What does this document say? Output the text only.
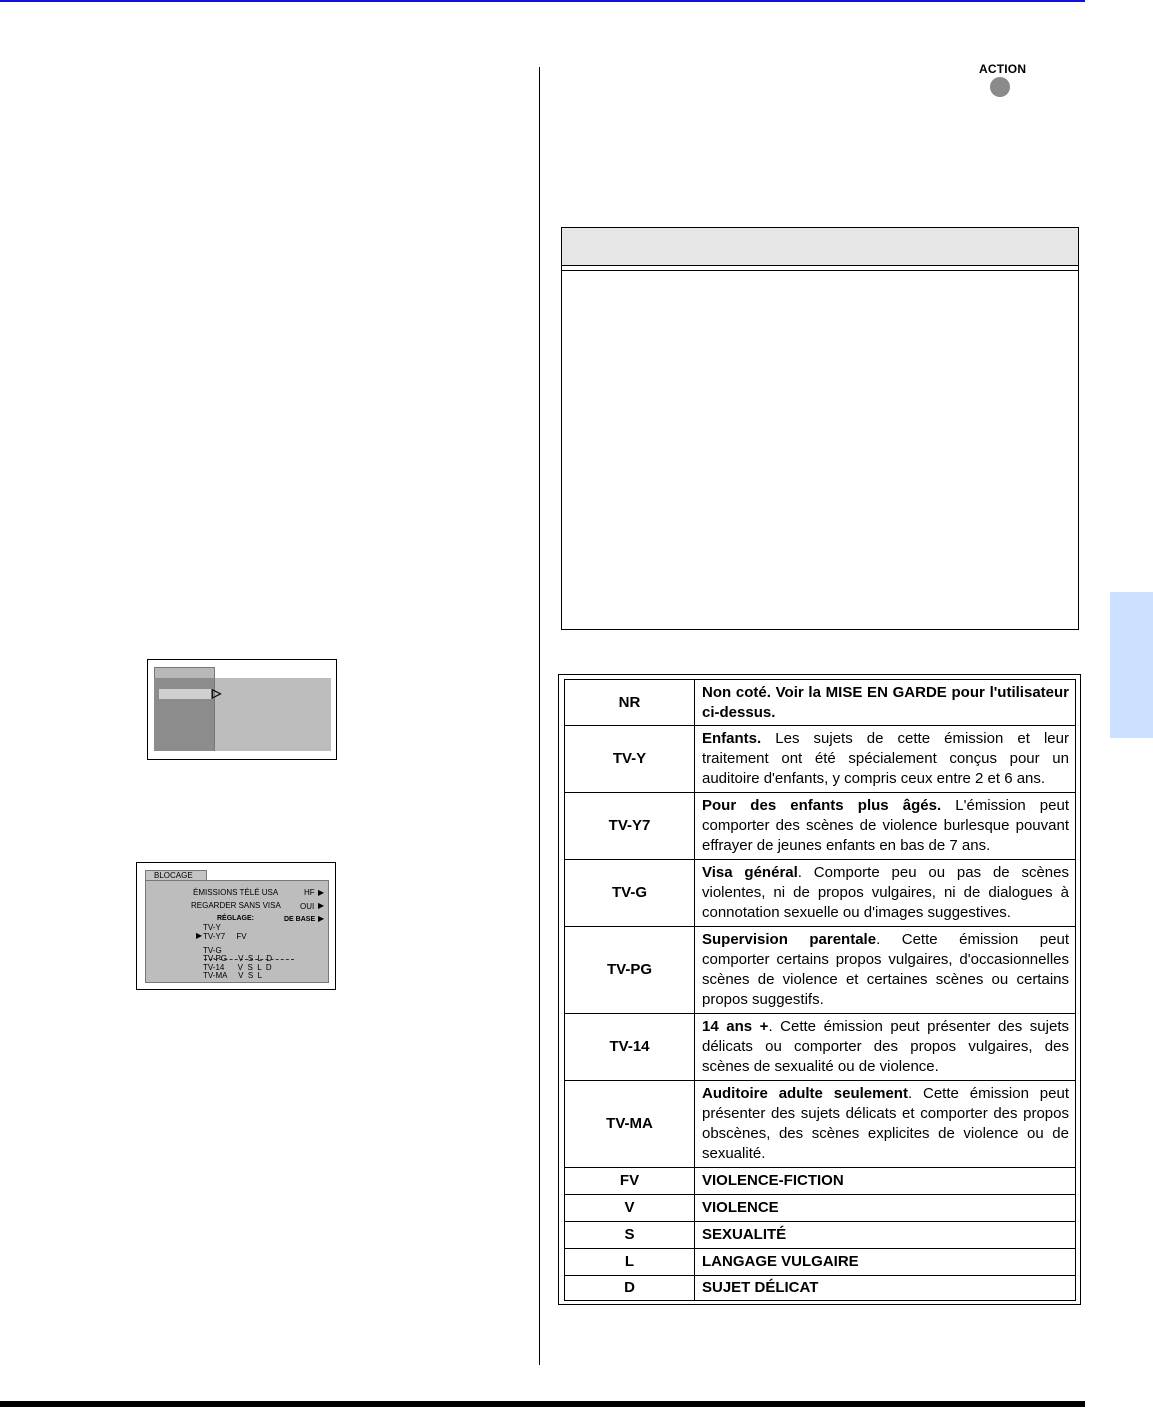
ACTION
▷
BLOCAGE
ÉMISSIONS TÉLÉ USA	HF ▶
REGARDER SANS VISA OUI ▶
RÉGLAGE:	DE BASE ▶
TV-Y
▶ TV-Y7     FV
TV-G
TV-PG     V  S  L  D
TV-14      V  S  L  D
TV-MA     V  S  L
NR	Non coté. Voir la MISE EN GARDE pour l'utilisateur ci-dessus.
TV-Y	Enfants. Les sujets de cette émission et leur traitement ont été spécialement conçus pour un auditoire d'enfants, y compris ceux entre 2 et 6 ans.
TV-Y7	Pour des enfants plus âgés. L'émission peut comporter des scènes de violence burlesque pouvant effrayer de jeunes enfants en bas de 7 ans.
TV-G	Visa général. Comporte peu ou pas de scènes violentes, ni de propos vulgaires, ni de dialogues à connotation sexuelle ou d'images suggestives.
TV-PG	Supervision parentale. Cette émission peut comporter certains propos vulgaires, d'occasionnelles scènes de violence et certaines scènes ou certains propos suggestifs.
TV-14	14 ans +. Cette émission peut présenter des sujets délicats ou comporter des propos vulgaires, des scènes de sexualité ou de violence.
TV-MA	Auditoire adulte seulement. Cette émission peut présenter des sujets délicats et comporter des propos obscènes, des scènes explicites de violence ou de sexualité.
FV	VIOLENCE-FICTION
V	VIOLENCE
S	SEXUALITÉ
L	LANGAGE VULGAIRE
D	SUJET DÉLICAT
